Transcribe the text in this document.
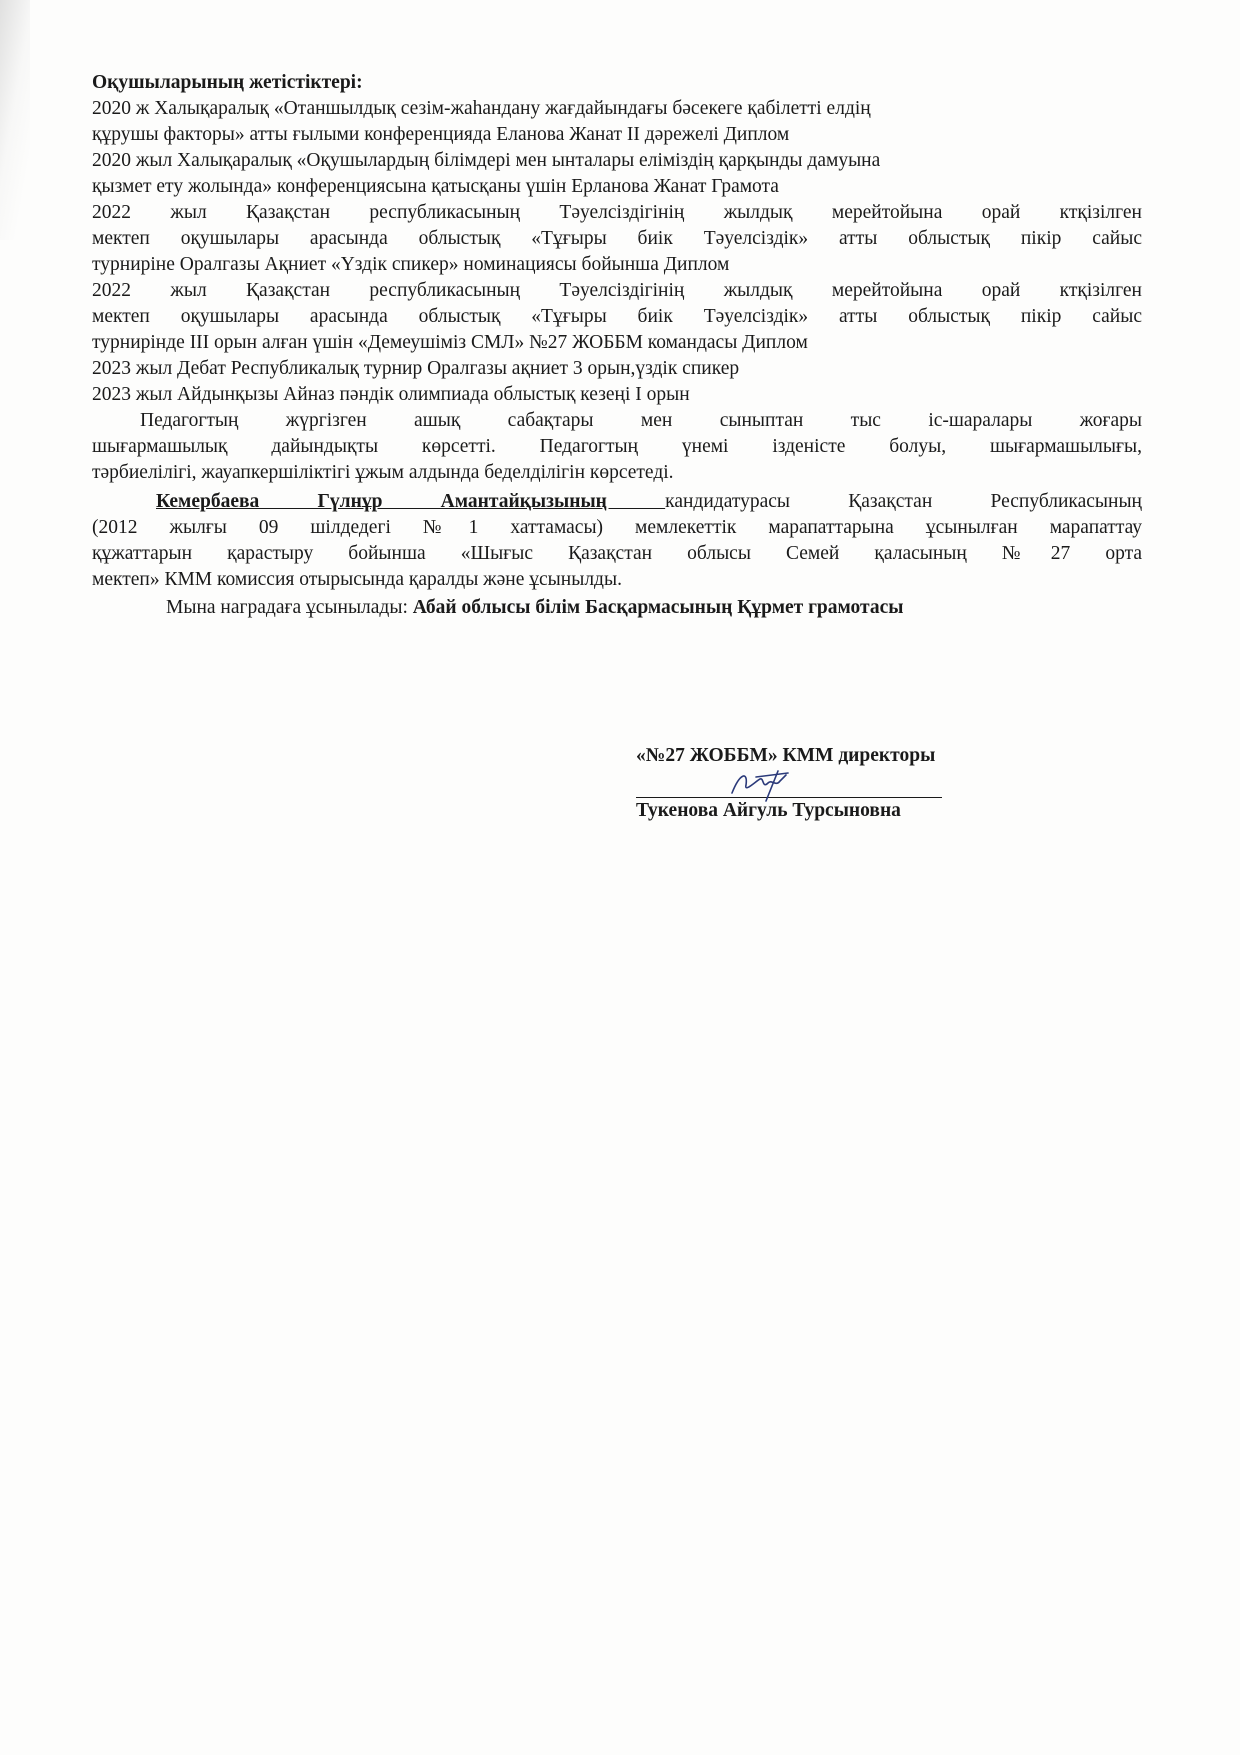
Оқушыларының жетістіктері:

2020 ж Халықаралық «Отаншылдық сезім-жаһандану жағдайындағы бәсекеге қабілетті елдің

құрушы факторы» атты ғылыми конференцияда Еланова Жанат II дәрежелі Диплом

2020 жыл Халықаралық «Оқушылардың білімдері мен ынталары еліміздің қарқынды дамуына

қызмет ету жолында» конференциясына қатысқаны үшін Ерланова Жанат Грамота

2022 жыл Қазақстан республикасының Тәуелсіздігінің жылдық мерейтойына орай ктқізілген

мектеп оқушылары арасында облыстық «Тұғыры биік Тәуелсіздік» атты облыстық пікір сайыс

турниріне Оралгазы Ақниет «Үздік спикер» номинациясы бойынша Диплом

2022 жыл Қазақстан республикасының Тәуелсіздігінің жылдық мерейтойына орай ктқізілген

мектеп оқушылары арасында облыстық «Тұғыры биік Тәуелсіздік» атты облыстық пікір сайыс

турнирінде III орын алған үшін «Демеушіміз СМЛ» №27 ЖОББМ командасы Диплом

2023 жыл Дебат Республикалық турнир Оралгазы ақниет 3 орын,үздік спикер

2023 жыл Айдынқызы Айназ пәндік олимпиада облыстық кезеңі І орын

Педагогтың жүргізген ашық сабақтары мен сыныптан тыс іс-шаралары жоғары

шығармашылық дайындықты көрсетті. Педагогтың үнемі ізденісте болуы, шығармашылығы,

тәрбиелілігі, жауапкершіліктігі ұжым алдында беделділігін көрсетеді.

Кемербаева Гүлнұр Амантайқызының кандидатурасы Қазақстан Республикасының

(2012 жылғы 09 шілдедегі №1 хаттамасы) мемлекеттік марапаттарына ұсынылған марапаттау

құжаттарын қарастыру бойынша «Шығыс Қазақстан облысы Семей қаласының №27 орта

мектеп» КММ комиссия отырысында қаралды және ұсынылды.

Мына наградаға ұсынылады: Абай облысы білім Басқармасының Құрмет грамотасы

«№27 ЖОББМ» КММ директоры
Тукенова Айгуль Турсыновна
